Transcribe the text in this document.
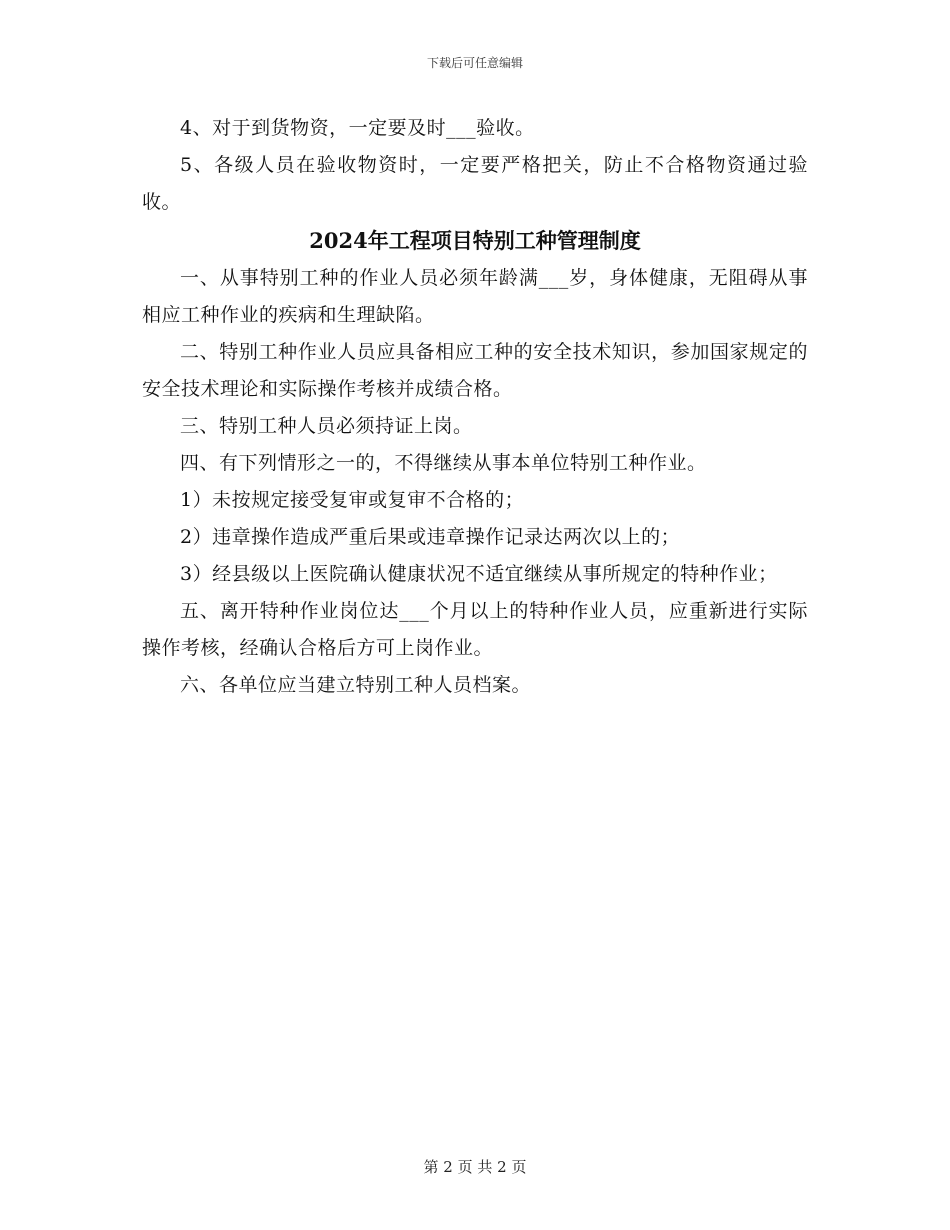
下载后可任意编辑

4、对于到货物资，一定要及时___验收。

5、各级人员在验收物资时，一定要严格把关，防止不合格物资通过验收。

2024年工程项目特别工种管理制度

一、从事特别工种的作业人员必须年龄满___岁，身体健康，无阻碍从事相应工种作业的疾病和生理缺陷。

二、特别工种作业人员应具备相应工种的安全技术知识，参加国家规定的安全技术理论和实际操作考核并成绩合格。

三、特别工种人员必须持证上岗。

四、有下列情形之一的，不得继续从事本单位特别工种作业。

1）未按规定接受复审或复审不合格的；

2）违章操作造成严重后果或违章操作记录达两次以上的；

3）经县级以上医院确认健康状况不适宜继续从事所规定的特种作业；

五、离开特种作业岗位达___个月以上的特种作业人员，应重新进行实际操作考核，经确认合格后方可上岗作业。

六、各单位应当建立特别工种人员档案。

第 2 页 共 2 页
